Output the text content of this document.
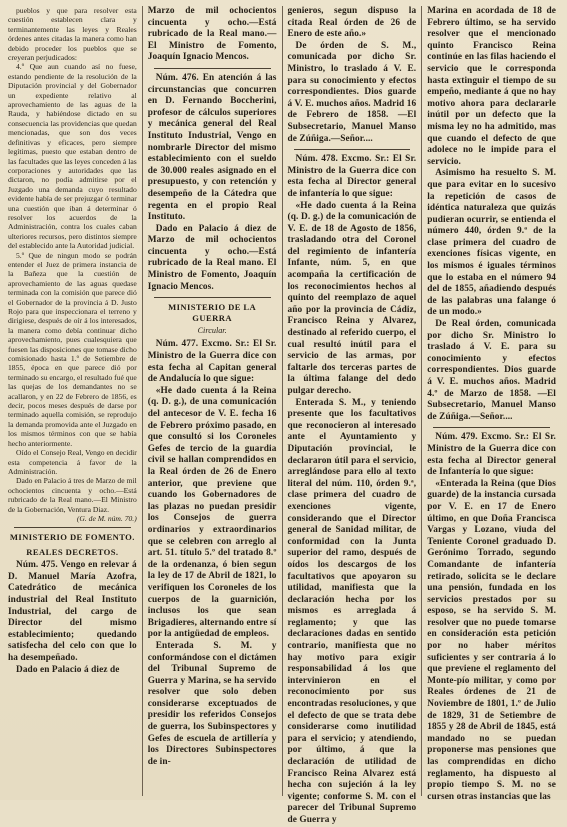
pueblos y que para resolver esta cuestión establecen clara y terminantemente las leyes y Reales órdenes antes citadas la manera como han debido proceder los pueblos que se creyeran perjudicados:

4.º Que aun cuando así no fuese, estando pendiente de la resolución de la Diputación provincial y del Gobernador un expediente relativo al aprovechamiento de las aguas de la Rauda, y habiéndose dictado en su consecuencia las providencias que quedan mencionadas, que son dos veces definitivas y eficaces, pero siempre legítimas, puesto que estaban dentro de las facultades que las leyes conceden á las corporaciones y autoridades que las dictaron, no podía admitirse por el Juzgado una demanda cuyo resultado evidente había de ser prejuzgar ó terminar una cuestión que iban á determinar ó resolver los acuerdos de la Administración, contra los cuales caban ulteriores recursos, pero distintos siempre del establecido ante la Autoridad judicial.

5.º Que de ningun modo se podrán entender el Juez de primera instancia de la Bañeza que la cuestión de aprovechamiento de las aguas quedase terminada con la comisión que parece dió el Gobernador de la provincia á D. Justo Rojo para que inspeccionara el terreno y dirigiese, después de oír á los interesados, la manera como debía continuar dicho aprovechamiento, pues cualesquiera que fuesen las disposiciones que tomase dicho comisionado hasta 1.º de Setiembre de 1855, época en que parece dió por terminado su encargo, el resultado fué que las quejas de los demandantes no se acallaron, y en 22 de Febrero de 1856, es decir, pocos meses después de darse por terminado aquella comisión, se reprodujo la demanda promovida ante el Juzgado en los mismos términos con que se había hecho anteriormente.

Oído el Consejo Real, Vengo en decidir esta competencia á favor de la Administración.

Dado en Palacio á tres de Marzo de mil ochocientos cincuenta y ocho.—Está rubricado de la Real mano.—El Ministro de la Gobernación, Ventura Diaz.

(G. de M. núm. 70.)

MINISTERIO DE FOMENTO.
REALES DECRETOS.

Núm. 475. Vengo en relevar á D. Manuel María Azofra, Catedrático de mecánica industrial del Real Instituto Industrial, del cargo de Director del mismo establecimiento; quedando satisfecha del celo con que lo ha desempeñado.

Dado en Palacio á diez de

Marzo de mil ochocientos cincuenta y ocho.—Está rubricado de la Real mano.—El Ministro de Fomento, Joaquín Ignacio Mencos.

Núm. 476. En atención á las circunstancias que concurren en D. Fernando Boccherini, profesor de cálculos superiores y mecánica general del Real Instituto Industrial, Vengo en nombrarle Director del mismo establecimiento con el sueldo de 30.000 reales asignado en el presupuesto, y con retención y desempeño de la Cátedra que regenta en el propio Real Instituto.

Dado en Palacio á diez de Marzo de mil ochocientos cincuenta y ocho.—Está rubricado de la Real mano. El Ministro de Fomento, Joaquín Ignacio Mencos.

MINISTERIO DE LA GUERRA
Circular.

Núm. 477. Excmo. Sr.: El Sr. Ministro de la Guerra dice con esta fecha al Capitan general de Andalucía lo que sigue:

«He dado cuenta á la Reina (q. D. g.), de una comunicación del antecesor de V. E. fecha 16 de Febrero próximo pasado, en que consultó si los Coroneles Gefes de tercio de la guardia civil se hallan comprendidos en la Real órden de 26 de Enero anterior, que previene que cuando los Gobernadores de las plazas no puedan presidir los Consejos de guerra ordinarios y extraordinarios que se celebren con arreglo al art. 51. título 5.º del tratado 8.º de la ordenanza, ó bien segun la ley de 17 de Abril de 1821, lo verifiquen los Coroneles de los cuerpos de la guarnición, inclusos los que sean Brigadieres, alternando entre sí por la antigüedad de empleos.

Enterada S. M. y conformándose con el dictámen del Tribunal Supremo de Guerra y Marina, se ha servido resolver que solo deben considerarse exceptuados de presidir los referidos Consejos de guerra, los Subinspectores y Gefes de escuela de artillería y los Directores Subinspectores de in-

genieros, segun dispuso la citada Real órden de 26 de Enero de este año.»

De órden de S. M., comunicada por dicho Sr. Ministro, lo traslado á V. E. para su conocimiento y efectos correspondientes. Dios guarde á V. E. muchos años. Madrid 16 de Febrero de 1858. —El Subsecretario, Manuel Manso de Zúñiga.—Señor....

Núm. 478. Excmo. Sr.: El Sr. Ministro de la Guerra dice con esta fecha al Director general de infantería lo que sigue:

«He dado cuenta á la Reina (q. D. g.) de la comunicación de V. E. de 18 de Agosto de 1856, trasladando otra del Coronel del regimiento de infantería Infante, núm. 5, en que acompaña la certificación de los reconocimientos hechos al quinto del reemplazo de aquel año por la provincia de Cádiz, Francisco Reina y Alvarez, destinado al referido cuerpo, el cual resultó inútil para el servicio de las armas, por faltarle dos terceras partes de la última falange del dedo pulgar derecho.

Enterada S. M., y teniendo presente que los facultativos que reconocieron al interesado ante el Ayuntamiento y Diputación provincial, le declararon útil para el servicio, arreglándose para ello al texto literal del núm. 110, órden 9.ª, clase primera del cuadro de exenciones vigente, considerando que el Director general de Sanidad militar, de conformidad con la Junta superior del ramo, después de oídos los descargos de los facultativos que apoyaron su utilidad, manifiesta que la declaración hecha por los mismos es arreglada á reglamento; y que las declaraciones dadas en sentido contrario, manifiesta que no hay motivo para exigir responsabilidad á los que intervinieron en el reconocimiento por sus encontradas resoluciones, y que el defecto de que se trata debe considerarse como inutilidad para el servicio; y atendiendo, por último, á que la declaración de utilidad de Francisco Reina Alvarez está hecha con sujeción á la ley vigente; conforme S. M. con el parecer del Tribunal Supremo de Guerra y

Marina en acordada de 18 de Febrero último, se ha servido resolver que el mencionado quinto Francisco Reina continúe en las filas haciendo el servicio que le corresponda hasta extinguir el tiempo de su empeño, mediante á que no hay motivo ahora para declararle inútil por un defecto que la misma ley no ha admitido, mas que cuando el defecto de que adolece no le impide para el servicio.

Asimismo ha resuelto S. M. que para evitar en lo sucesivo la repetición de casos de idéntica naturaleza que quizás pudieran ocurrir, se entienda el número 440, órden 9.ª de la clase primera del cuadro de exenciones físicas vigente, en los mismos é iguales términos que lo estaba en el número 94 del de 1855, añadiendo después de las palabras una falange ó de un modo.»

De Real órden, comunicada por dicho Sr. Ministro lo traslado á V. E. para su conocimiento y efectos correspondientes. Dios guarde á V. E. muchos años. Madrid 4.º de Marzo de 1858. —El Subsecretario, Manuel Manso de Zúñiga.—Señor....

Núm. 479. Excmo. Sr.: El Sr. Ministro de la Guerra dice con esta fecha al Director general de Infantería lo que sigue:

«Enterada la Reina (que Dios guarde) de la instancia cursada por V. E. en 17 de Enero último, en que Doña Francisca Vargas y Lozano, viuda del Teniente Coronel graduado D. Gerónimo Torrado, segundo Comandante de infantería retirado, solicita se le declare una pensión, fundada en los servicios prestados por su esposo, se ha servido S. M. resolver que no puede tomarse en consideración esta petición por no haber méritos suficientes y ser contraria á lo que previene el reglamento del Monte-pío militar, y como por Reales órdenes de 21 de Noviembre de 1801, 1.º de Julio de 1829, 31 de Setiembre de 1855 y 28 de Abril de 1845, está mandado no se puedan proponerse mas pensiones que las comprendidas en dicho reglamento, ha dispuesto al propio tiempo S. M. no se cursen otras instancias que las
